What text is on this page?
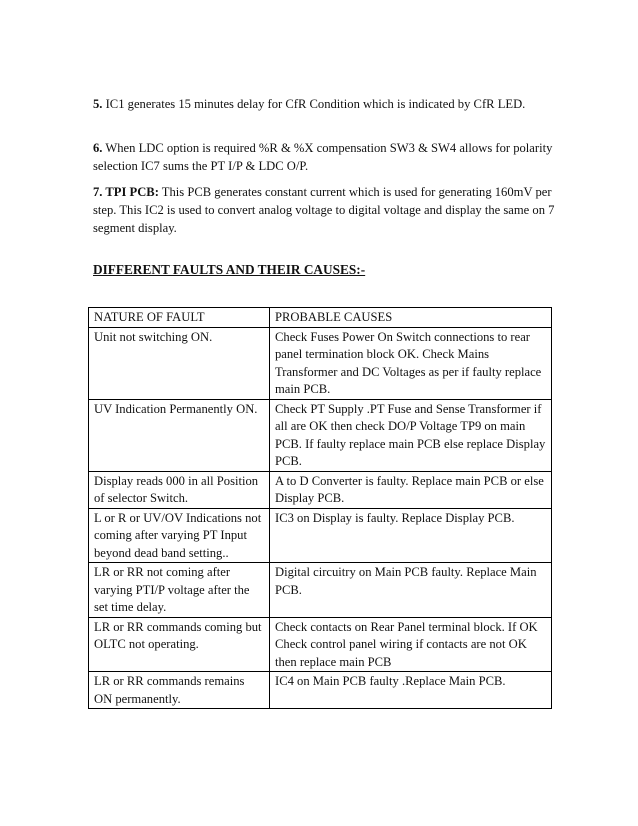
5. IC1 generates 15 minutes delay for CfR Condition which is indicated by CfR LED.

6. When LDC option is required %R & %X compensation SW3 & SW4 allows for polarity selection IC7 sums the PT I/P & LDC O/P.

7. TPI PCB: This PCB generates constant current which is used for generating 160mV per step. This IC2 is used to convert analog voltage to digital voltage and display the same on 7 segment display.

DIFFERENT FAULTS AND THEIR CAUSES:-

NATURE OF FAULT	PROBABLE CAUSES
Unit not switching ON.	Check Fuses Power On Switch connections to rear panel termination block OK. Check Mains Transformer and DC Voltages as per if faulty replace main PCB.
UV Indication Permanently ON.	Check PT Supply .PT Fuse and Sense Transformer if all are OK then check DO/P Voltage TP9 on main PCB. If faulty replace main PCB else replace Display PCB.
Display reads 000 in all Position of selector Switch.	A to D Converter is faulty. Replace main PCB or else Display PCB.
L or R or UV/OV Indications not coming after varying PT Input beyond dead band setting..	IC3 on Display is faulty. Replace Display PCB.
LR or RR not coming after varying PTI/P voltage after the set time delay.	Digital circuitry on Main PCB faulty. Replace Main PCB.
LR or RR commands coming but OLTC not operating.	Check contacts on Rear Panel terminal block. If OK Check control panel wiring if contacts are not OK then replace main PCB
LR or RR commands remains ON permanently.	IC4 on Main PCB faulty .Replace Main PCB.
